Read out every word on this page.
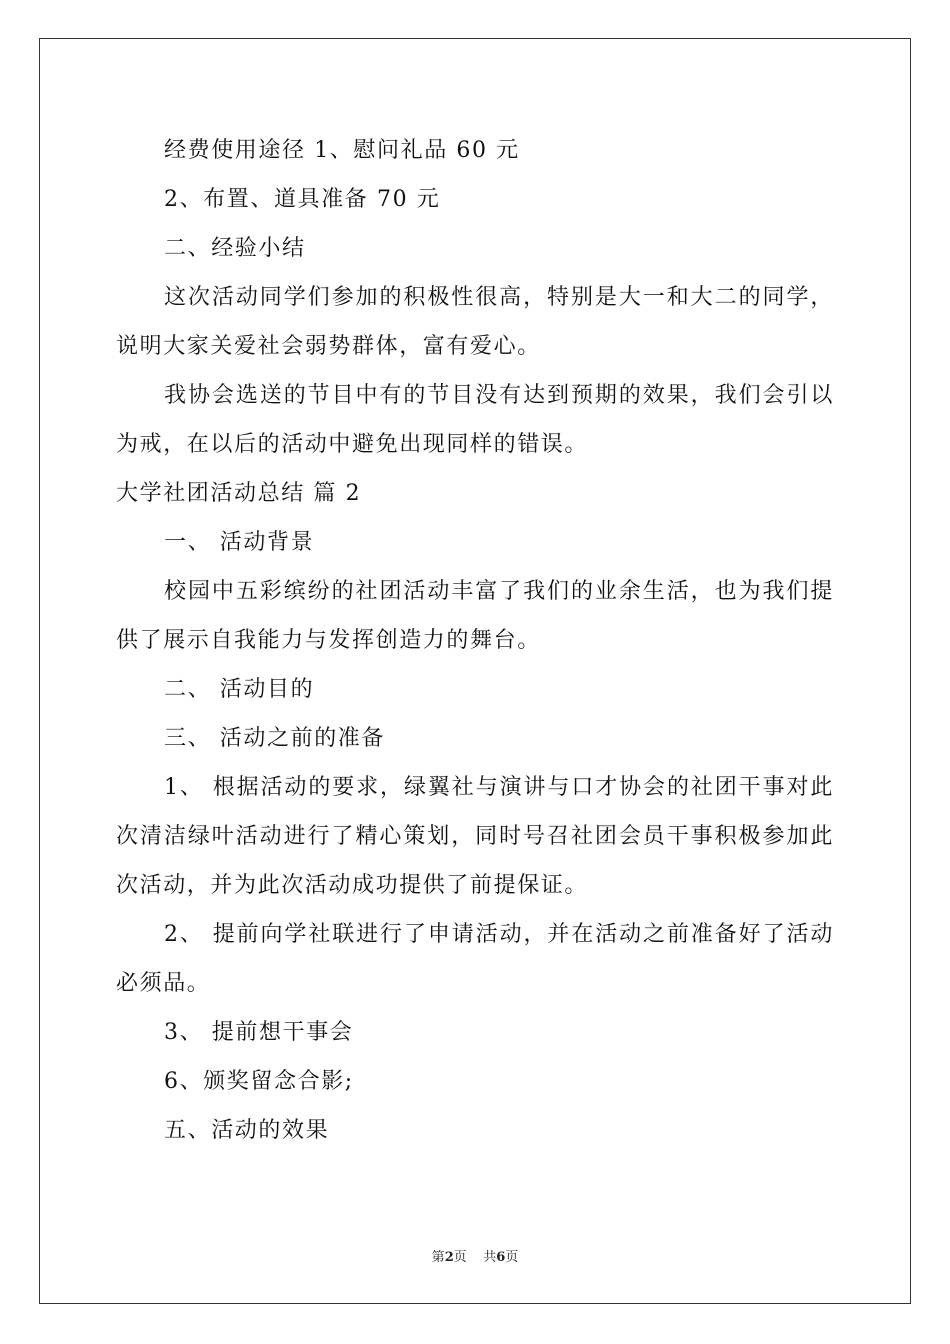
经费使用途径 1、慰问礼品 60 元

2、布置、道具准备 70 元

二、经验小结

这次活动同学们参加的积极性很高，特别是大一和大二的同学，说明大家关爱社会弱势群体，富有爱心。

我协会选送的节目中有的节目没有达到预期的效果，我们会引以为戒，在以后的活动中避免出现同样的错误。

大学社团活动总结 篇 2

一、 活动背景

校园中五彩缤纷的社团活动丰富了我们的业余生活，也为我们提供了展示自我能力与发挥创造力的舞台。

二、 活动目的

三、 活动之前的准备

1、 根据活动的要求，绿翼社与演讲与口才协会的社团干事对此次清洁绿叶活动进行了精心策划，同时号召社团会员干事积极参加此次活动，并为此次活动成功提供了前提保证。

2、 提前向学社联进行了申请活动，并在活动之前准备好了活动必须品。

3、 提前想干事会

6、颁奖留念合影;

五、活动的效果

第2页    共6页
